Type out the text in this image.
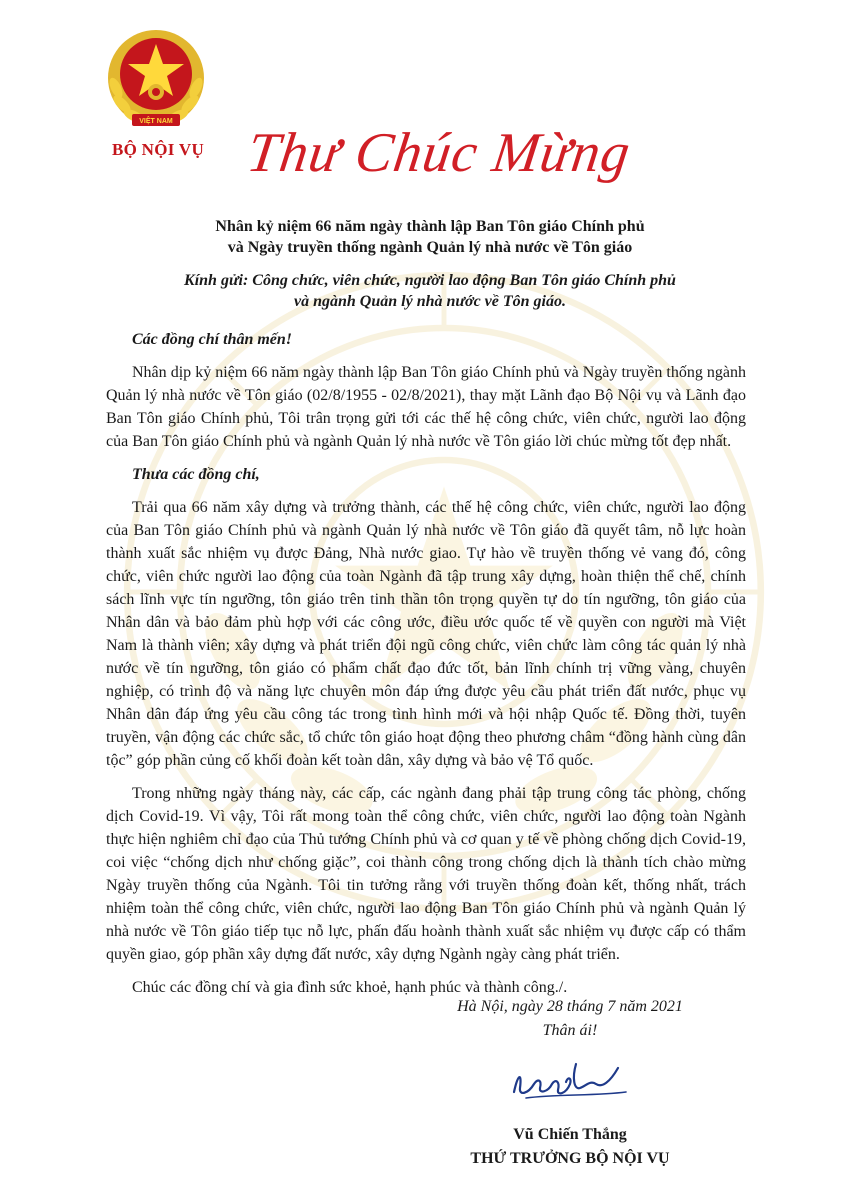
VIỆT NAM
BỘ NỘI VỤ Thư Chúc Mừng
Nhân kỷ niệm 66 năm ngày thành lập Ban Tôn giáo Chính phủ
và Ngày truyền thống ngành Quản lý nhà nước về Tôn giáo
Kính gửi: Công chức, viên chức, người lao động Ban Tôn giáo Chính phủ
và ngành Quản lý nhà nước về Tôn giáo.

Các đồng chí thân mến!

Nhân dịp kỷ niệm 66 năm ngày thành lập Ban Tôn giáo Chính phủ và Ngày truyền thống ngành Quản lý nhà nước về Tôn giáo (02/8/1955 - 02/8/2021), thay mặt Lãnh đạo Bộ Nội vụ và Lãnh đạo Ban Tôn giáo Chính phủ, Tôi trân trọng gửi tới các thế hệ công chức, viên chức, người lao động của Ban Tôn giáo Chính phủ và ngành Quản lý nhà nước về Tôn giáo lời chúc mừng tốt đẹp nhất.

Thưa các đồng chí,

Trải qua 66 năm xây dựng và trưởng thành, các thế hệ công chức, viên chức, người lao động của Ban Tôn giáo Chính phủ và ngành Quản lý nhà nước về Tôn giáo đã quyết tâm, nỗ lực hoàn thành xuất sắc nhiệm vụ được Đảng, Nhà nước giao. Tự hào về truyền thống vẻ vang đó, công chức, viên chức người lao động của toàn Ngành đã tập trung xây dựng, hoàn thiện thể chế, chính sách lĩnh vực tín ngưỡng, tôn giáo trên tinh thần tôn trọng quyền tự do tín ngưỡng, tôn giáo của Nhân dân và bảo đảm phù hợp với các công ước, điều ước quốc tế về quyền con người mà Việt Nam là thành viên; xây dựng và phát triển đội ngũ công chức, viên chức làm công tác quản lý nhà nước về tín ngưỡng, tôn giáo có phẩm chất đạo đức tốt, bản lĩnh chính trị vững vàng, chuyên nghiệp, có trình độ và năng lực chuyên môn đáp ứng được yêu cầu phát triển đất nước, phục vụ Nhân dân đáp ứng yêu cầu công tác trong tình hình mới và hội nhập Quốc tế. Đồng thời, tuyên truyền, vận động các chức sắc, tổ chức tôn giáo hoạt động theo phương châm “đồng hành cùng dân tộc” góp phần củng cố khối đoàn kết toàn dân, xây dựng và bảo vệ Tổ quốc.

Trong những ngày tháng này, các cấp, các ngành đang phải tập trung công tác phòng, chống dịch Covid-19. Vì vậy, Tôi rất mong toàn thể công chức, viên chức, người lao động toàn Ngành thực hiện nghiêm chỉ đạo của Thủ tướng Chính phủ và cơ quan y tế về phòng chống dịch Covid-19, coi việc “chống dịch như chống giặc”, coi thành công trong chống dịch là thành tích chào mừng Ngày truyền thống của Ngành. Tôi tin tưởng rằng với truyền thống đoàn kết, thống nhất, trách nhiệm toàn thể công chức, viên chức, người lao động Ban Tôn giáo Chính phủ và ngành Quản lý nhà nước về Tôn giáo tiếp tục nỗ lực, phấn đấu hoành thành xuất sắc nhiệm vụ được cấp có thẩm quyền giao, góp phần xây dựng đất nước, xây dựng Ngành ngày càng phát triển.

Chúc các đồng chí và gia đình sức khoẻ, hạnh phúc và thành công./.

Hà Nội, ngày 28 tháng 7 năm 2021
Thân ái!
Vũ Chiến Thắng
THỨ TRƯỞNG BỘ NỘI VỤ
